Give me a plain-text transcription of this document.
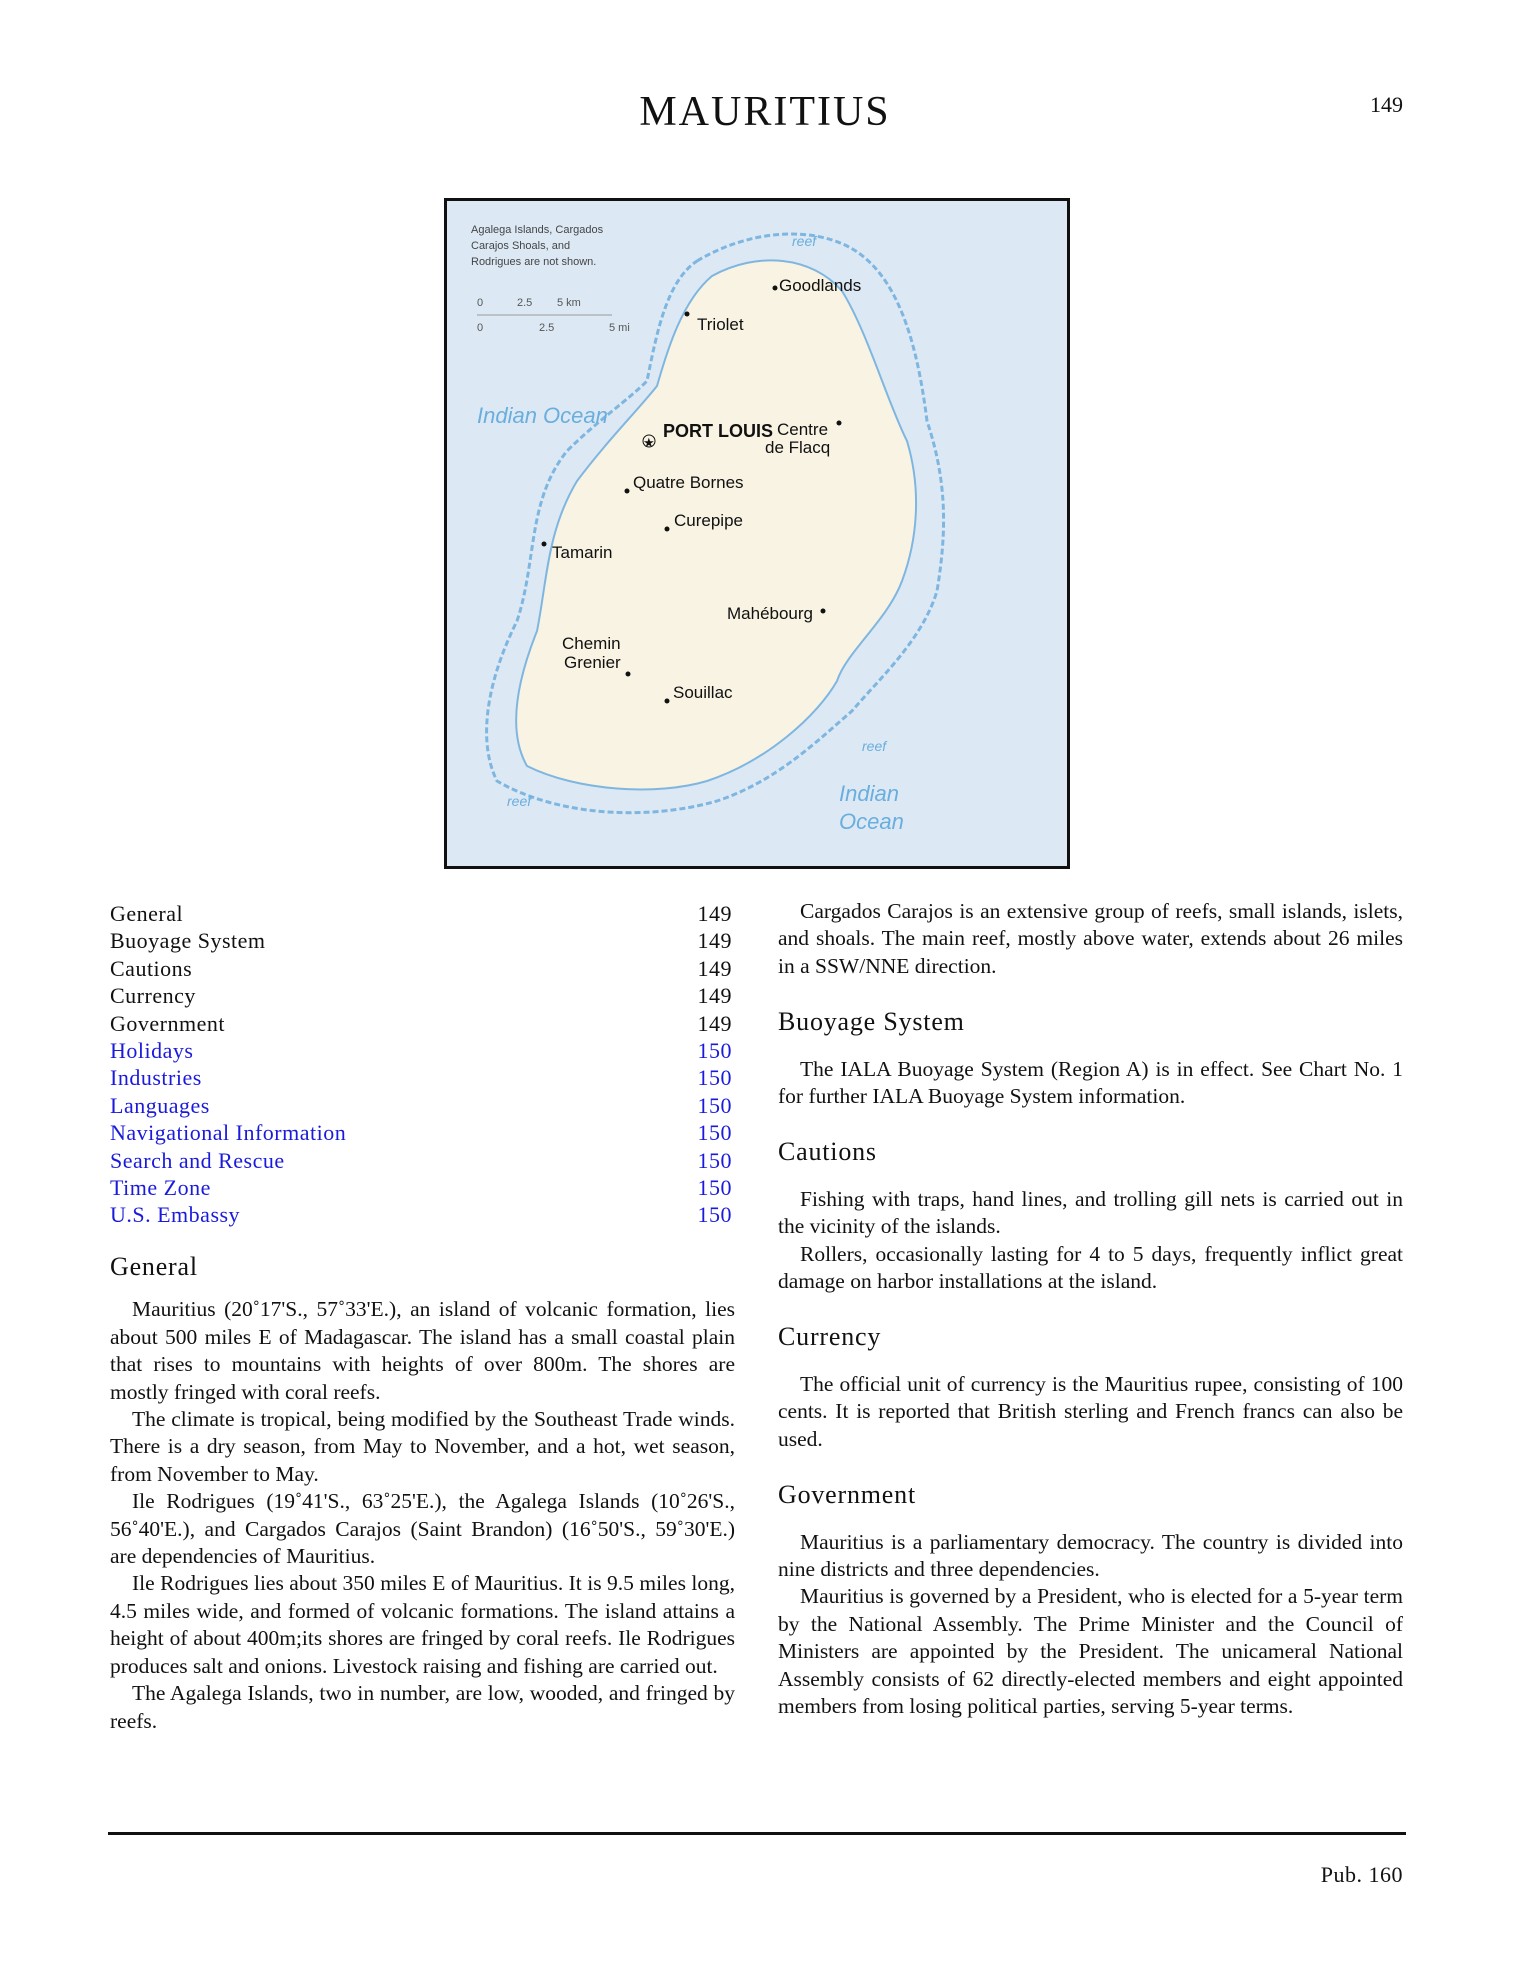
MAURITIUS	149
Agalega Islands, Cargados
Carajos Shoals, and
Rodrigues are not shown.
0	2.5 5 km
0	2.5	5 mi
Indian Ocean
Indian
Ocean
reef
reef
reef
★
PORT LOUIS
Goodlands
Triolet
Centre
de Flacq
Quatre Bornes
Curepipe
Tamarin
Mahébourg
Chemin
Grenier
Souillac
General	149
Buoyage System	149
Cautions	149
Currency	149
Government	149
Holidays	150
Industries	150
Languages	150
Navigational Information	150
Search and Rescue	150
Time Zone	150
U.S. Embassy	150
General

Mauritius (20˚17'S., 57˚33'E.), an island of volcanic formation, lies about 500 miles E of Madagascar. The island has a small coastal plain that rises to mountains with heights of over 800m. The shores are mostly fringed with coral reefs.

The climate is tropical, being modified by the Southeast Trade winds. There is a dry season, from May to November, and a hot, wet season, from November to May.

Ile Rodrigues (19˚41'S., 63˚25'E.), the Agalega Islands (10˚26'S., 56˚40'E.), and Cargados Carajos (Saint Brandon) (16˚50'S., 59˚30'E.) are dependencies of Mauritius.

Ile Rodrigues lies about 350 miles E of Mauritius. It is 9.5 miles long, 4.5 miles wide, and formed of volcanic formations. The island attains a height of about 400m;its shores are fringed by coral reefs. Ile Rodrigues produces salt and onions. Livestock raising and fishing are carried out.

The Agalega Islands, two in number, are low, wooded, and fringed by reefs.

Cargados Carajos is an extensive group of reefs, small islands, islets, and shoals. The main reef, mostly above water, extends about 26 miles in a SSW/NNE direction.

Buoyage System

The IALA Buoyage System (Region A) is in effect. See Chart No. 1 for further IALA Buoyage System information.

Cautions

Fishing with traps, hand lines, and trolling gill nets is carried out in the vicinity of the islands.

Rollers, occasionally lasting for 4 to 5 days, frequently inflict great damage on harbor installations at the island.

Currency

The official unit of currency is the Mauritius rupee, consisting of 100 cents. It is reported that British sterling and French francs can also be used.

Government

Mauritius is a parliamentary democracy. The country is divided into nine districts and three dependencies.

Mauritius is governed by a President, who is elected for a 5-year term by the National Assembly. The Prime Minister and the Council of Ministers are appointed by the President. The unicameral National Assembly consists of 62 directly-elected members and eight appointed members from losing political parties, serving 5-year terms.

Pub. 160
